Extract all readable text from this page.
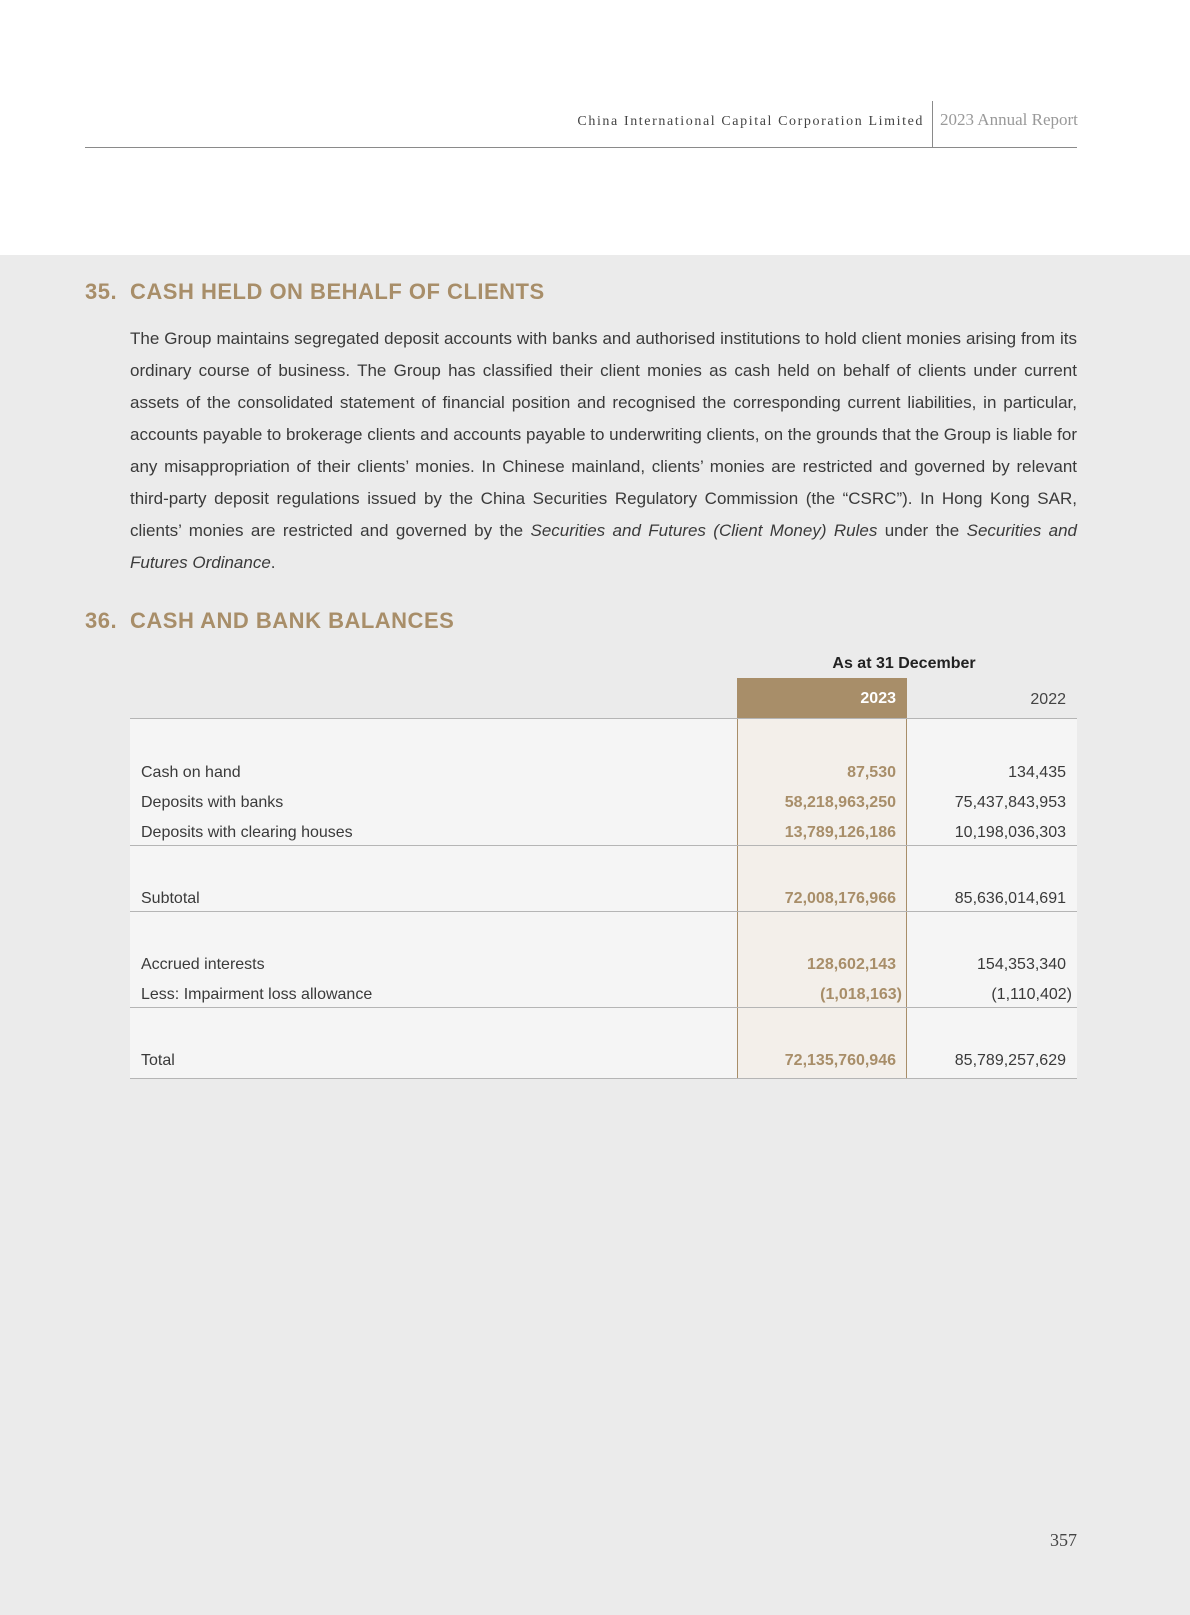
China International Capital Corporation Limited 2023 Annual Report
35. CASH HELD ON BEHALF OF CLIENTS

The Group maintains segregated deposit accounts with banks and authorised institutions to hold client monies arising from its ordinary course of business. The Group has classified their client monies as cash held on behalf of clients under current assets of the consolidated statement of financial position and recognised the corresponding current liabilities, in particular, accounts payable to brokerage clients and accounts payable to underwriting clients, on the grounds that the Group is liable for any misappropriation of their clients’ monies. In Chinese mainland, clients’ monies are restricted and governed by relevant third-party deposit regulations issued by the China Securities Regulatory Commission (the “CSRC”). In Hong Kong SAR, clients’ monies are restricted and governed by the Securities and Futures (Client Money) Rules under the Securities and Futures Ordinance.

36. CASH AND BANK BALANCES
As at 31 December
2023	2022
Cash on hand	87,530	134,435
Deposits with banks	58,218,963,250	75,437,843,953
Deposits with clearing houses	13,789,126,186	10,198,036,303
Subtotal	72,008,176,966	85,636,014,691
Accrued interests	128,602,143	154,353,340
Less: Impairment loss allowance	(1,018,163)	(1,110,402)
Total	72,135,760,946	85,789,257,629
357
